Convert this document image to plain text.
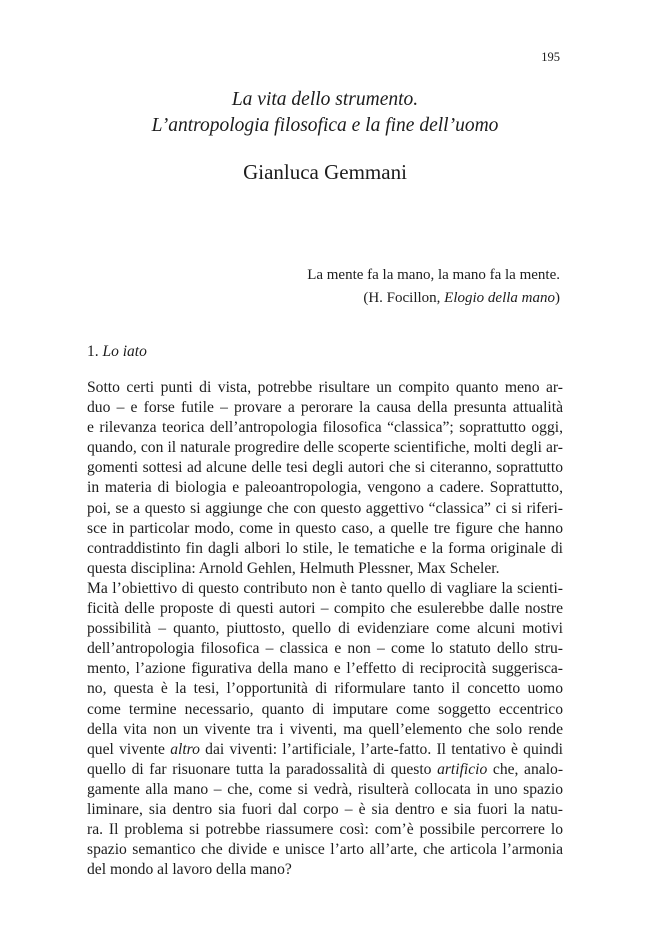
195

La vita dello strumento.

L’antropologia filosofica e la fine dell’uomo

Gianluca Gemmani
La mente fa la mano, la mano fa la mente.
(H. Focillon, Elogio della mano)
1. Lo iato

Sotto certi punti di vista, potrebbe risultare un compito quanto meno ar-
duo – e forse futile – provare a perorare la causa della presunta attualità
e rilevanza teorica dell’antropologia filosofica “classica”; soprattutto oggi,
quando, con il naturale progredire delle scoperte scientifiche, molti degli ar-
gomenti sottesi ad alcune delle tesi degli autori che si citeranno, soprattutto
in materia di biologia e paleoantropologia, vengono a cadere. Soprattutto,
poi, se a questo si aggiunge che con questo aggettivo “classica” ci si riferi-
sce in particolar modo, come in questo caso, a quelle tre figure che hanno
contraddistinto fin dagli albori lo stile, le tematiche e la forma originale di
questa disciplina: Arnold Gehlen, Helmuth Plessner, Max Scheler.

Ma l’obiettivo di questo contributo non è tanto quello di vagliare la scienti-
ficità delle proposte di questi autori – compito che esulerebbe dalle nostre
possibilità – quanto, piuttosto, quello di evidenziare come alcuni motivi
dell’antropologia filosofica – classica e non – come lo statuto dello stru-
mento, l’azione figurativa della mano e l’effetto di reciprocità suggerisca-
no, questa è la tesi, l’opportunità di riformulare tanto il concetto uomo
come termine necessario, quanto di imputare come soggetto eccentrico
della vita non un vivente tra i viventi, ma quell’elemento che solo rende
quel vivente altro dai viventi: l’artificiale, l’arte-fatto. Il tentativo è quindi
quello di far risuonare tutta la paradossalità di questo artificio che, analo-
gamente alla mano – che, come si vedrà, risulterà collocata in uno spazio
liminare, sia dentro sia fuori dal corpo – è sia dentro e sia fuori la natu-
ra. Il problema si potrebbe riassumere così: com’è possibile percorrere lo
spazio semantico che divide e unisce l’arto all’arte, che articola l’armonia
del mondo al lavoro della mano?
